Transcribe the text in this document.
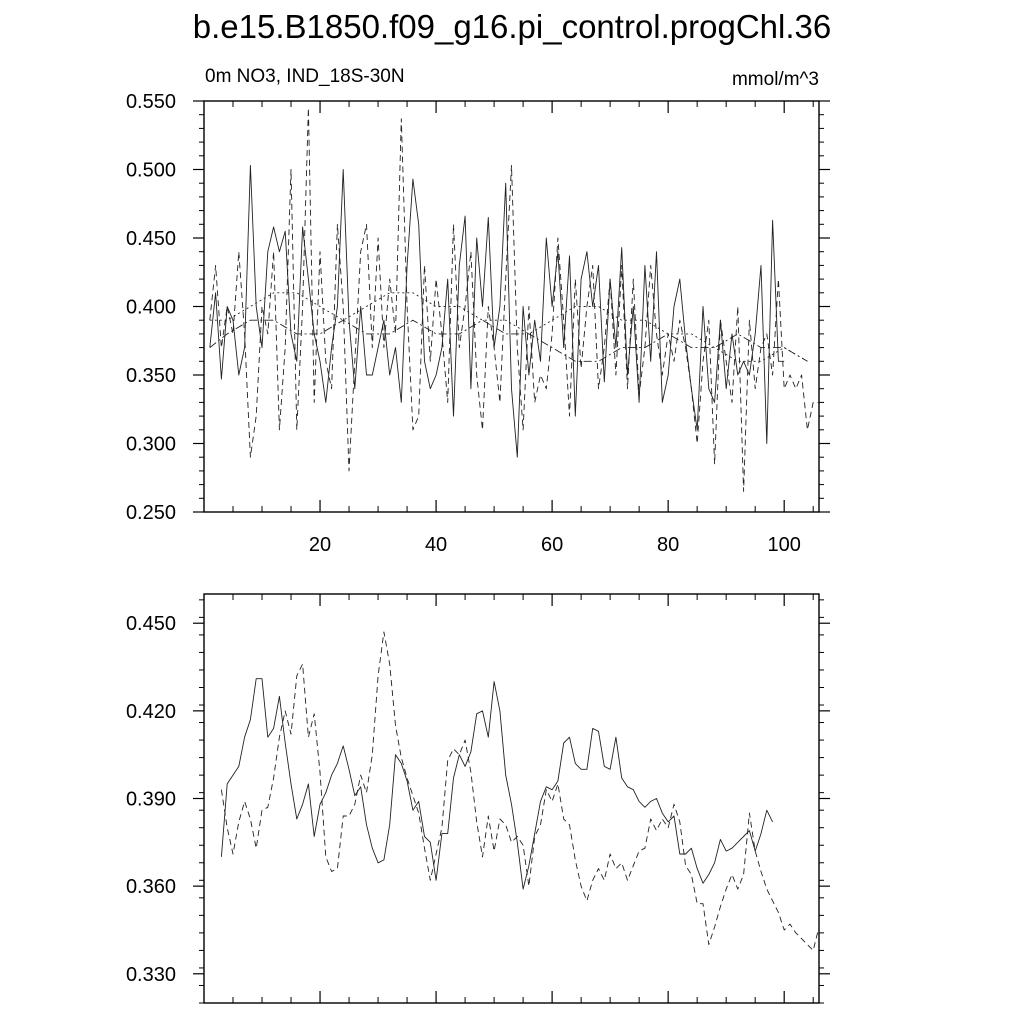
b.e15.B1850.f09_g16.pi_control.progChl.36
0m NO3, IND_18S-30N	mmol/m^3
20	40	60	80	100
0.250
0.300
0.350
0.400
0.450
0.500
0.550
0.330
0.360
0.390
0.420
0.450
